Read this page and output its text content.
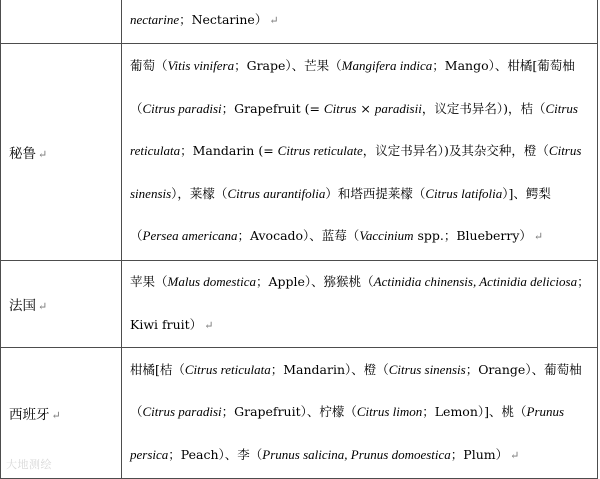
	nectarine；Nectarine） ↵
秘鲁 ↵	葡萄（Vitis vinifera；Grape）、芒果（Mangifera indica；Mango）、柑橘[葡萄柚（Citrus paradisi；Grapefruit (= Citrus × paradisii，议定书异名）)，桔（Citrus reticulata；Mandarin (= Citrus reticulate，议定书异名）)及其杂交种，橙（Citrus sinensis），莱檬（Citrus aurantifolia）和塔西提莱檬（Citrus latifolia）]、鳄梨（Persea americana；Avocado）、蓝莓（Vaccinium spp.；Blueberry） ↵
法国 ↵	苹果（Malus domestica；Apple）、猕猴桃（Actinidia chinensis, Actinidia deliciosa；Kiwi fruit） ↵
西班牙 ↵	柑橘[桔（Citrus reticulata；Mandarin）、橙（Citrus sinensis；Orange）、葡萄柚（Citrus paradisi；Grapefruit）、柠檬（Citrus limon；Lemon）]、桃（Prunus persica；Peach）、李（Prunus salicina, Prunus domoestica；Plum） ↵
大地测绘
